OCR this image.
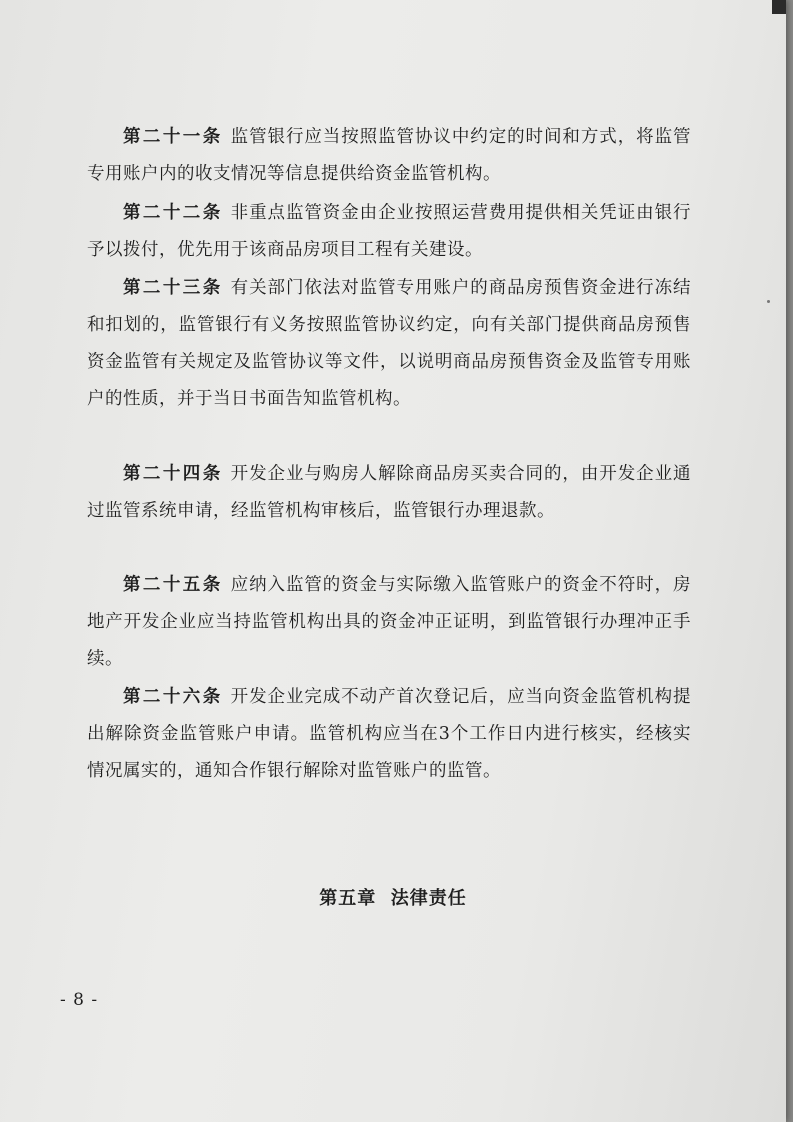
第二十一条 监管银行应当按照监管协议中约定的时间和方式，将监管专用账户内的收支情况等信息提供给资金监管机构。

第二十二条 非重点监管资金由企业按照运营费用提供相关凭证由银行予以拨付，优先用于该商品房项目工程有关建设。

第二十三条 有关部门依法对监管专用账户的商品房预售资金进行冻结和扣划的，监管银行有义务按照监管协议约定，向有关部门提供商品房预售资金监管有关规定及监管协议等文件，以说明商品房预售资金及监管专用账户的性质，并于当日书面告知监管机构。

第二十四条 开发企业与购房人解除商品房买卖合同的，由开发企业通过监管系统申请，经监管机构审核后，监管银行办理退款。

第二十五条 应纳入监管的资金与实际缴入监管账户的资金不符时，房地产开发企业应当持监管机构出具的资金冲正证明，到监管银行办理冲正手续。

第二十六条 开发企业完成不动产首次登记后，应当向资金监管机构提出解除资金监管账户申请。监管机构应当在3个工作日内进行核实，经核实情况属实的，通知合作银行解除对监管账户的监管。

第五章  法律责任
- 8 -
